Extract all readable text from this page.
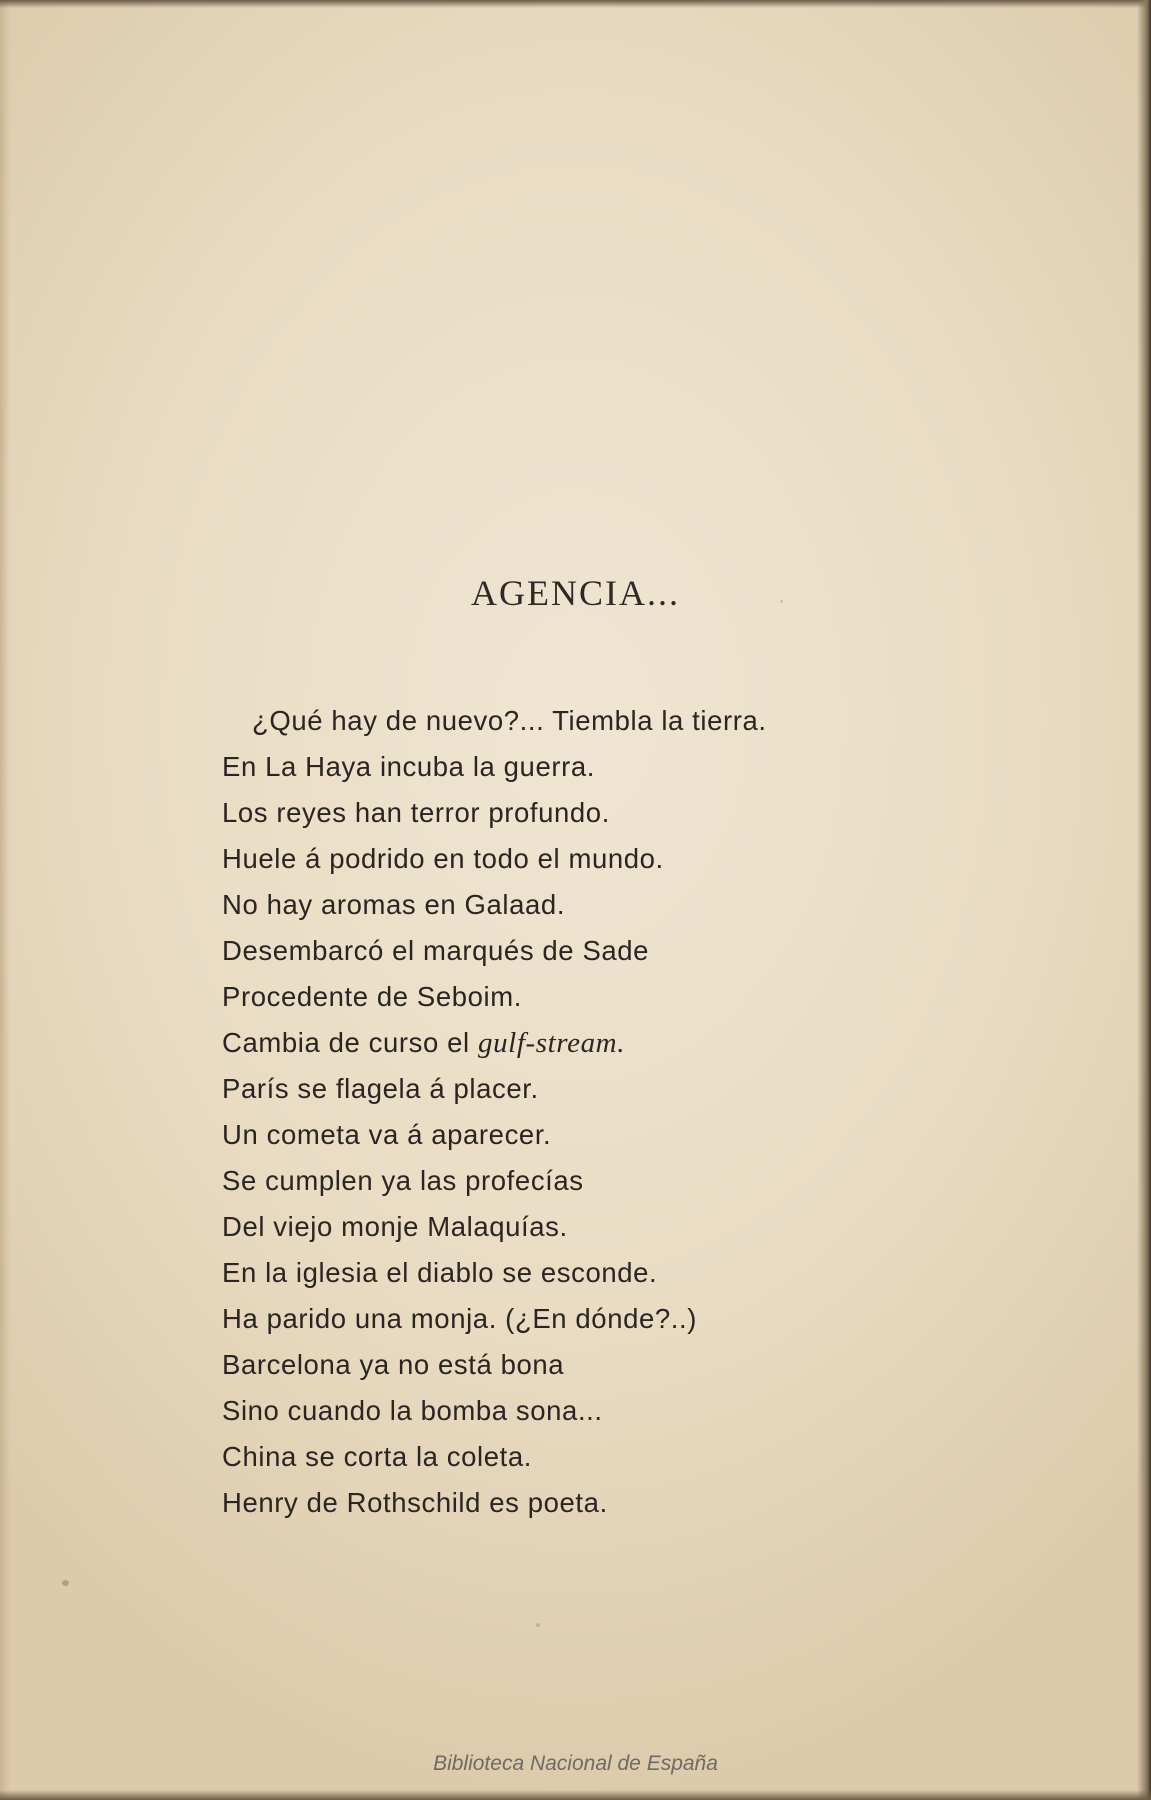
AGENCIA...
¿Qué hay de nuevo?... Tiembla la tierra.
En La Haya incuba la guerra.
Los reyes han terror profundo.
Huele á podrido en todo el mundo.
No hay aromas en Galaad.
Desembarcó el marqués de Sade
Procedente de Seboim.
Cambia de curso el gulf-stream.
París se flagela á placer.
Un cometa va á aparecer.
Se cumplen ya las profecías
Del viejo monje Malaquías.
En la iglesia el diablo se esconde.
Ha parido una monja. (¿En dónde?..)
Barcelona ya no está bona
Sino cuando la bomba sona...
China se corta la coleta.
Henry de Rothschild es poeta.
Biblioteca Nacional de España
